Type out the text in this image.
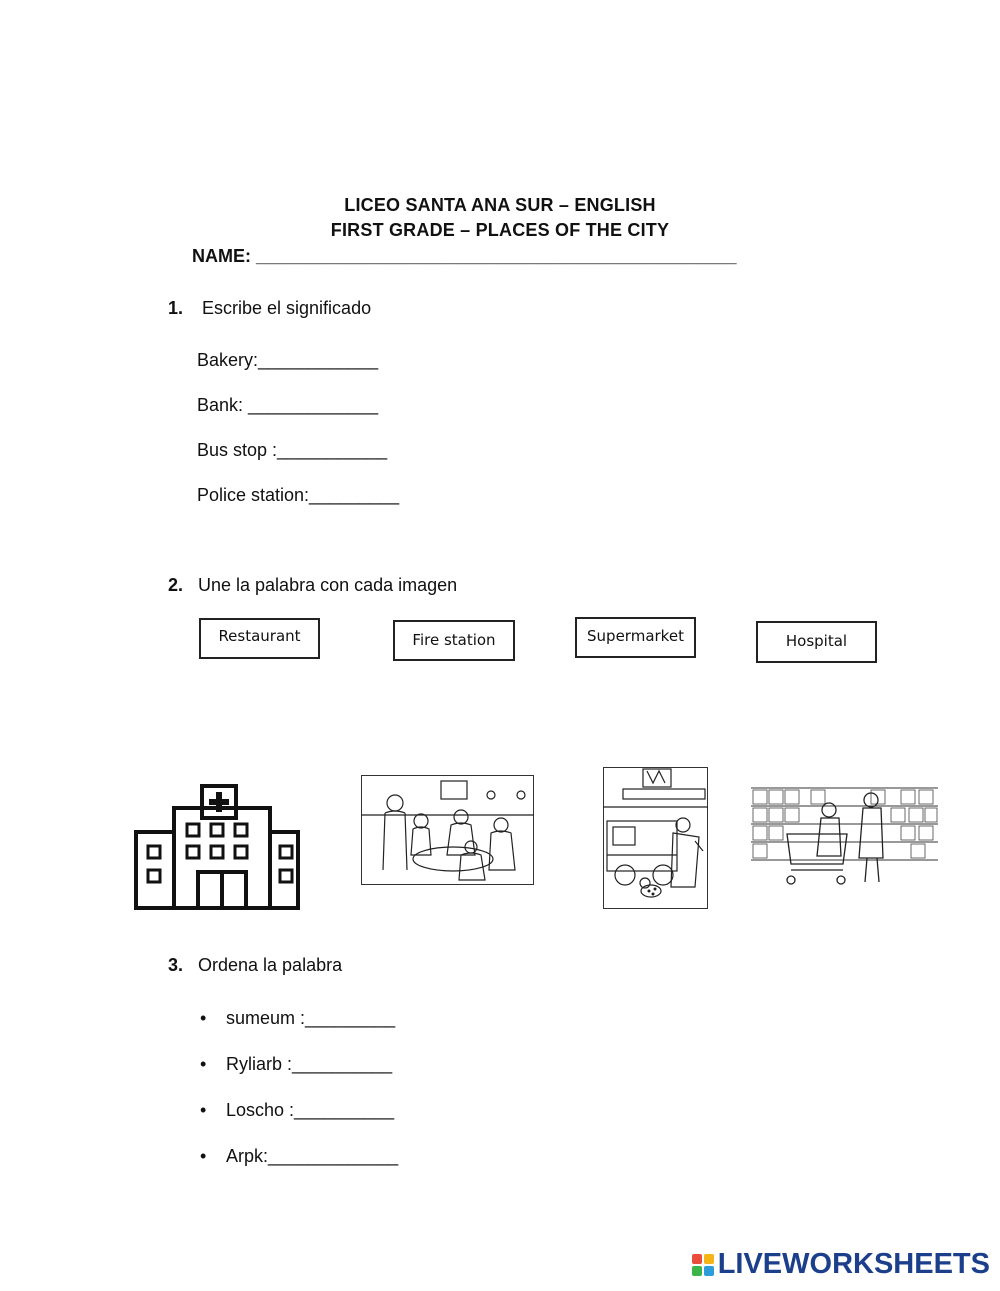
LICEO SANTA ANA SUR – ENGLISH
FIRST GRADE – PLACES OF THE CITY
NAME: ________________________________________________
1. Escribe el significado
Bakery:____________
Bank: _____________
Bus stop :___________
Police station:_________
2. Une la palabra con cada imagen
Restaurant	Fire station	Supermarket	Hospital
3. Ordena la palabra
• sumeum :_________
• Ryliarb :__________
• Loscho :__________
• Arpk:_____________
LIVEWORKSHEETS
